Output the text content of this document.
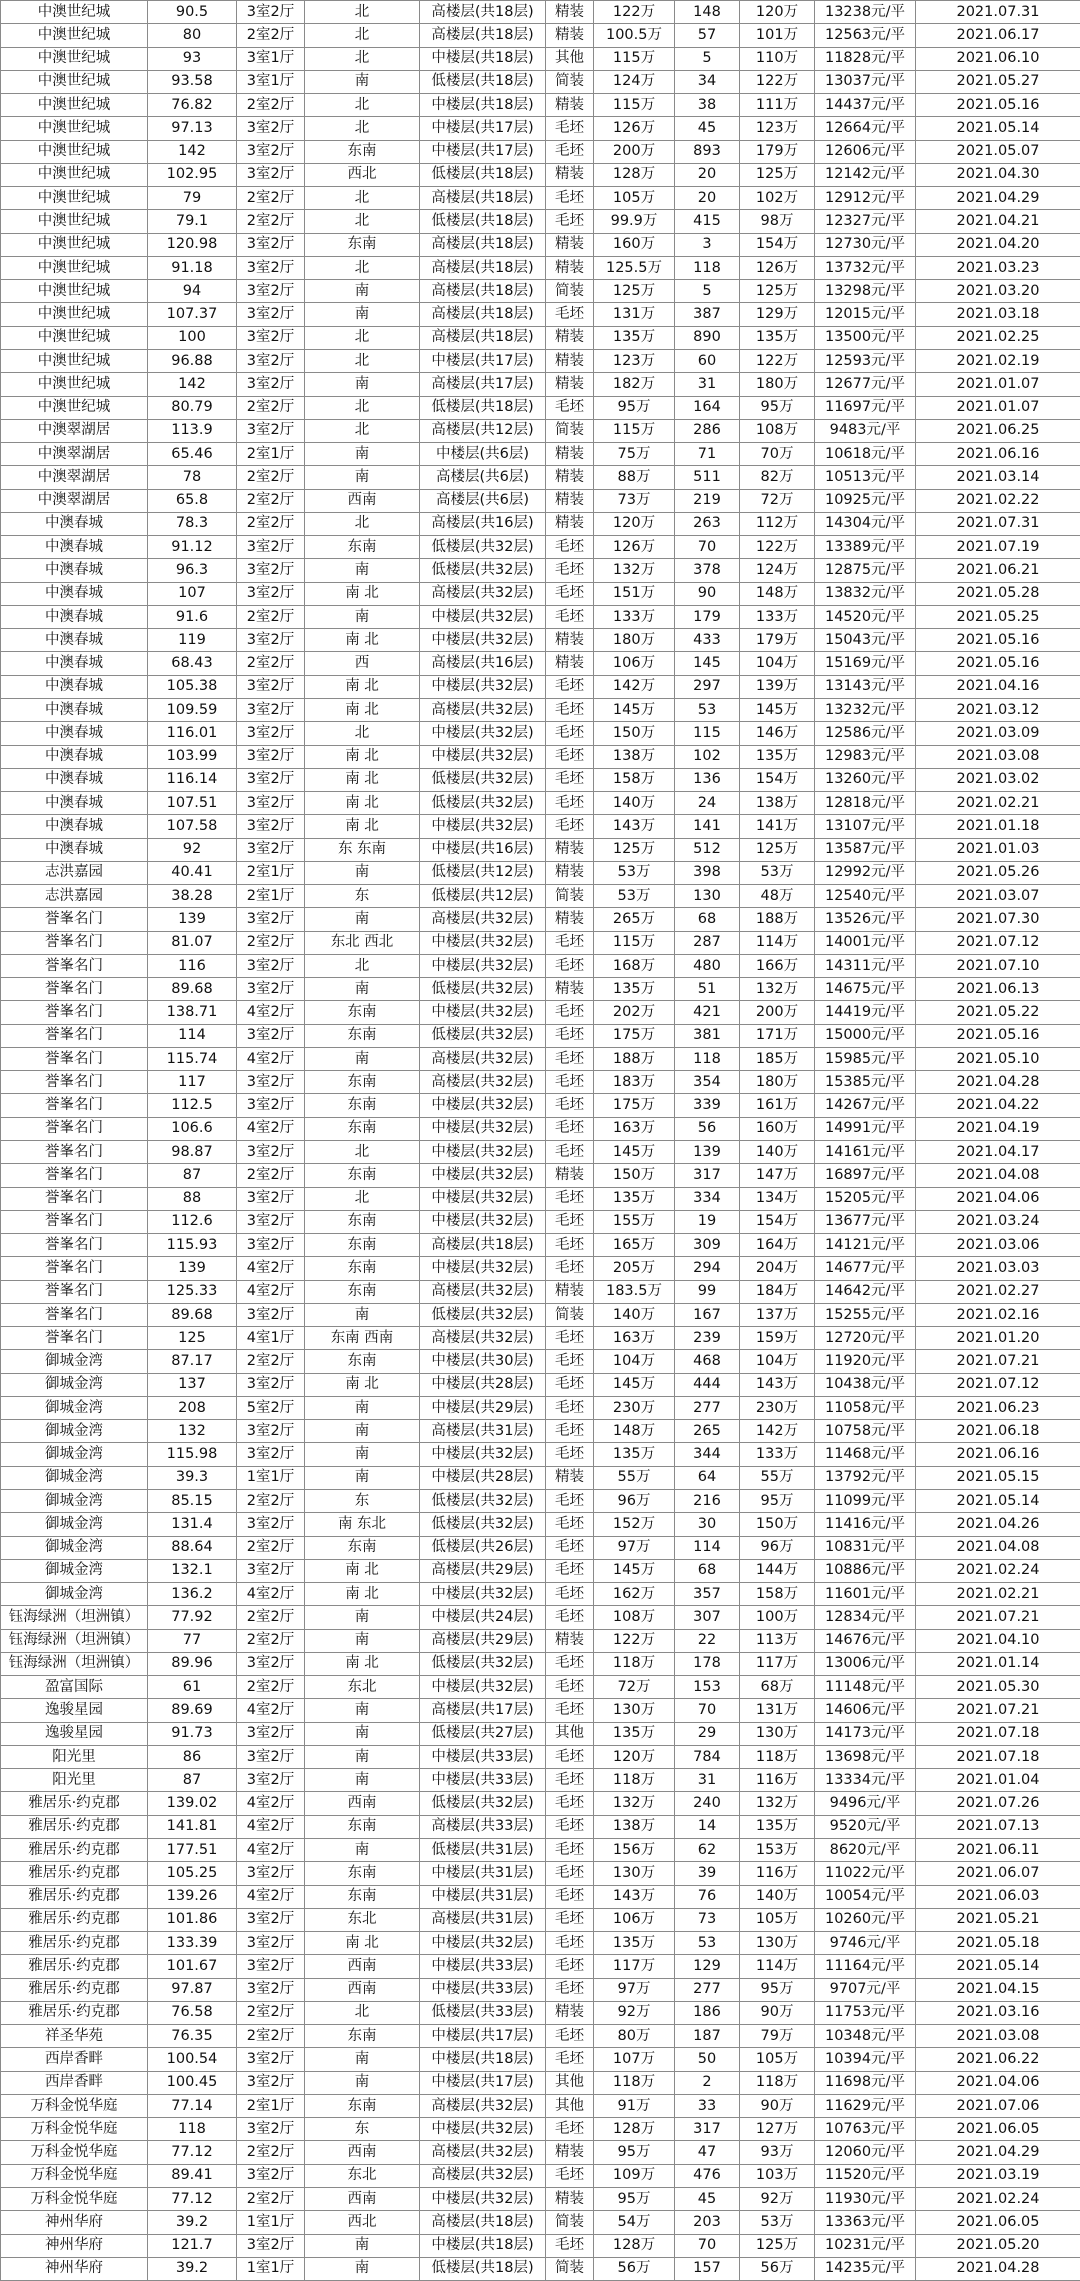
中澳世纪城	90.5	3室2厅	北	高楼层(共18层)	精装	122万	148	120万	13238元/平	2021.07.31
中澳世纪城	80	2室2厅	北	高楼层(共18层)	精装	100.5万	57	101万	12563元/平	2021.06.17
中澳世纪城	93	3室1厅	北	中楼层(共18层)	其他	115万	5	110万	11828元/平	2021.06.10
中澳世纪城	93.58	3室1厅	南	低楼层(共18层)	简装	124万	34	122万	13037元/平	2021.05.27
中澳世纪城	76.82	2室2厅	北	中楼层(共18层)	精装	115万	38	111万	14437元/平	2021.05.16
中澳世纪城	97.13	3室2厅	北	中楼层(共17层)	毛坯	126万	45	123万	12664元/平	2021.05.14
中澳世纪城	142	3室2厅	东南	中楼层(共17层)	毛坯	200万	893	179万	12606元/平	2021.05.07
中澳世纪城	102.95	3室2厅	西北	低楼层(共18层)	精装	128万	20	125万	12142元/平	2021.04.30
中澳世纪城	79	2室2厅	北	高楼层(共18层)	毛坯	105万	20	102万	12912元/平	2021.04.29
中澳世纪城	79.1	2室2厅	北	低楼层(共18层)	毛坯	99.9万	415	98万	12327元/平	2021.04.21
中澳世纪城	120.98	3室2厅	东南	高楼层(共18层)	精装	160万	3	154万	12730元/平	2021.04.20
中澳世纪城	91.18	3室2厅	北	高楼层(共18层)	精装	125.5万	118	126万	13732元/平	2021.03.23
中澳世纪城	94	3室2厅	南	高楼层(共18层)	简装	125万	5	125万	13298元/平	2021.03.20
中澳世纪城	107.37	3室2厅	南	高楼层(共18层)	毛坯	131万	387	129万	12015元/平	2021.03.18
中澳世纪城	100	3室2厅	北	高楼层(共18层)	精装	135万	890	135万	13500元/平	2021.02.25
中澳世纪城	96.88	3室2厅	北	中楼层(共17层)	精装	123万	60	122万	12593元/平	2021.02.19
中澳世纪城	142	3室2厅	南	高楼层(共17层)	精装	182万	31	180万	12677元/平	2021.01.07
中澳世纪城	80.79	2室2厅	北	低楼层(共18层)	毛坯	95万	164	95万	11697元/平	2021.01.07
中澳翠湖居	113.9	3室2厅	北	高楼层(共12层)	简装	115万	286	108万	9483元/平	2021.06.25
中澳翠湖居	65.46	2室1厅	南	中楼层(共6层)	精装	75万	71	70万	10618元/平	2021.06.16
中澳翠湖居	78	2室2厅	南	高楼层(共6层)	精装	88万	511	82万	10513元/平	2021.03.14
中澳翠湖居	65.8	2室2厅	西南	高楼层(共6层)	精装	73万	219	72万	10925元/平	2021.02.22
中澳春城	78.3	2室2厅	北	高楼层(共16层)	精装	120万	263	112万	14304元/平	2021.07.31
中澳春城	91.12	3室2厅	东南	低楼层(共32层)	毛坯	126万	70	122万	13389元/平	2021.07.19
中澳春城	96.3	3室2厅	南	低楼层(共32层)	毛坯	132万	378	124万	12875元/平	2021.06.21
中澳春城	107	3室2厅	南 北	高楼层(共32层)	毛坯	151万	90	148万	13832元/平	2021.05.28
中澳春城	91.6	2室2厅	南	中楼层(共32层)	毛坯	133万	179	133万	14520元/平	2021.05.25
中澳春城	119	3室2厅	南 北	中楼层(共32层)	精装	180万	433	179万	15043元/平	2021.05.16
中澳春城	68.43	2室2厅	西	高楼层(共16层)	精装	106万	145	104万	15169元/平	2021.05.16
中澳春城	105.38	3室2厅	南 北	中楼层(共32层)	毛坯	142万	297	139万	13143元/平	2021.04.16
中澳春城	109.59	3室2厅	南 北	高楼层(共32层)	毛坯	145万	53	145万	13232元/平	2021.03.12
中澳春城	116.01	3室2厅	北	中楼层(共32层)	毛坯	150万	115	146万	12586元/平	2021.03.09
中澳春城	103.99	3室2厅	南 北	中楼层(共32层)	毛坯	138万	102	135万	12983元/平	2021.03.08
中澳春城	116.14	3室2厅	南 北	低楼层(共32层)	毛坯	158万	136	154万	13260元/平	2021.03.02
中澳春城	107.51	3室2厅	南 北	低楼层(共32层)	毛坯	140万	24	138万	12818元/平	2021.02.21
中澳春城	107.58	3室2厅	南 北	中楼层(共32层)	毛坯	143万	141	141万	13107元/平	2021.01.18
中澳春城	92	3室2厅	东 东南	中楼层(共16层)	精装	125万	512	125万	13587元/平	2021.01.03
志洪嘉园	40.41	2室1厅	南	低楼层(共12层)	精装	53万	398	53万	12992元/平	2021.05.26
志洪嘉园	38.28	2室1厅	东	低楼层(共12层)	简装	53万	130	48万	12540元/平	2021.03.07
誉峯名门	139	3室2厅	南	高楼层(共32层)	精装	265万	68	188万	13526元/平	2021.07.30
誉峯名门	81.07	2室2厅	东北 西北	中楼层(共32层)	毛坯	115万	287	114万	14001元/平	2021.07.12
誉峯名门	116	3室2厅	北	中楼层(共32层)	毛坯	168万	480	166万	14311元/平	2021.07.10
誉峯名门	89.68	3室2厅	南	低楼层(共32层)	精装	135万	51	132万	14675元/平	2021.06.13
誉峯名门	138.71	4室2厅	东南	中楼层(共32层)	毛坯	202万	421	200万	14419元/平	2021.05.22
誉峯名门	114	3室2厅	东南	低楼层(共32层)	毛坯	175万	381	171万	15000元/平	2021.05.16
誉峯名门	115.74	4室2厅	南	高楼层(共32层)	毛坯	188万	118	185万	15985元/平	2021.05.10
誉峯名门	117	3室2厅	东南	高楼层(共32层)	毛坯	183万	354	180万	15385元/平	2021.04.28
誉峯名门	112.5	3室2厅	东南	中楼层(共32层)	毛坯	175万	339	161万	14267元/平	2021.04.22
誉峯名门	106.6	4室2厅	东南	中楼层(共32层)	毛坯	163万	56	160万	14991元/平	2021.04.19
誉峯名门	98.87	3室2厅	北	中楼层(共32层)	毛坯	145万	139	140万	14161元/平	2021.04.17
誉峯名门	87	2室2厅	东南	中楼层(共32层)	精装	150万	317	147万	16897元/平	2021.04.08
誉峯名门	88	3室2厅	北	中楼层(共32层)	毛坯	135万	334	134万	15205元/平	2021.04.06
誉峯名门	112.6	3室2厅	东南	中楼层(共32层)	毛坯	155万	19	154万	13677元/平	2021.03.24
誉峯名门	115.93	3室2厅	东南	高楼层(共18层)	毛坯	165万	309	164万	14121元/平	2021.03.06
誉峯名门	139	4室2厅	东南	中楼层(共32层)	毛坯	205万	294	204万	14677元/平	2021.03.03
誉峯名门	125.33	4室2厅	东南	高楼层(共32层)	精装	183.5万	99	184万	14642元/平	2021.02.27
誉峯名门	89.68	3室2厅	南	低楼层(共32层)	简装	140万	167	137万	15255元/平	2021.02.16
誉峯名门	125	4室1厅	东南 西南	高楼层(共32层)	毛坯	163万	239	159万	12720元/平	2021.01.20
御城金湾	87.17	2室2厅	东南	中楼层(共30层)	毛坯	104万	468	104万	11920元/平	2021.07.21
御城金湾	137	3室2厅	南 北	中楼层(共28层)	毛坯	145万	444	143万	10438元/平	2021.07.12
御城金湾	208	5室2厅	南	中楼层(共29层)	毛坯	230万	277	230万	11058元/平	2021.06.23
御城金湾	132	3室2厅	南	高楼层(共31层)	毛坯	148万	265	142万	10758元/平	2021.06.18
御城金湾	115.98	3室2厅	南	中楼层(共32层)	毛坯	135万	344	133万	11468元/平	2021.06.16
御城金湾	39.3	1室1厅	南	中楼层(共28层)	精装	55万	64	55万	13792元/平	2021.05.15
御城金湾	85.15	2室2厅	东	低楼层(共32层)	毛坯	96万	216	95万	11099元/平	2021.05.14
御城金湾	131.4	3室2厅	南 东北	低楼层(共32层)	毛坯	152万	30	150万	11416元/平	2021.04.26
御城金湾	88.64	2室2厅	东南	低楼层(共26层)	毛坯	97万	114	96万	10831元/平	2021.04.08
御城金湾	132.1	3室2厅	南 北	高楼层(共29层)	毛坯	145万	68	144万	10886元/平	2021.02.24
御城金湾	136.2	4室2厅	南 北	中楼层(共32层)	毛坯	162万	357	158万	11601元/平	2021.02.21
钰海绿洲（坦洲镇）	77.92	2室2厅	南	中楼层(共24层)	毛坯	108万	307	100万	12834元/平	2021.07.21
钰海绿洲（坦洲镇）	77	2室2厅	南	高楼层(共29层)	精装	122万	22	113万	14676元/平	2021.04.10
钰海绿洲（坦洲镇）	89.96	3室2厅	南 北	低楼层(共32层)	毛坯	118万	178	117万	13006元/平	2021.01.14
盈富国际	61	2室2厅	东北	中楼层(共32层)	毛坯	72万	153	68万	11148元/平	2021.05.30
逸骏星园	89.69	4室2厅	南	高楼层(共17层)	毛坯	130万	70	131万	14606元/平	2021.07.21
逸骏星园	91.73	3室2厅	南	低楼层(共27层)	其他	135万	29	130万	14173元/平	2021.07.18
阳光里	86	3室2厅	南	中楼层(共33层)	毛坯	120万	784	118万	13698元/平	2021.07.18
阳光里	87	3室2厅	南	中楼层(共33层)	毛坯	118万	31	116万	13334元/平	2021.01.04
雅居乐·约克郡	139.02	4室2厅	西南	低楼层(共32层)	毛坯	132万	240	132万	9496元/平	2021.07.26
雅居乐·约克郡	141.81	4室2厅	东南	高楼层(共33层)	毛坯	138万	14	135万	9520元/平	2021.07.13
雅居乐·约克郡	177.51	4室2厅	南	低楼层(共31层)	毛坯	156万	62	153万	8620元/平	2021.06.11
雅居乐·约克郡	105.25	3室2厅	东南	中楼层(共31层)	毛坯	130万	39	116万	11022元/平	2021.06.07
雅居乐·约克郡	139.26	4室2厅	东南	中楼层(共31层)	毛坯	143万	76	140万	10054元/平	2021.06.03
雅居乐·约克郡	101.86	3室2厅	东北	高楼层(共31层)	毛坯	106万	73	105万	10260元/平	2021.05.21
雅居乐·约克郡	133.39	3室2厅	南 北	中楼层(共32层)	毛坯	135万	53	130万	9746元/平	2021.05.18
雅居乐·约克郡	101.67	3室2厅	西南	中楼层(共33层)	毛坯	117万	129	114万	11164元/平	2021.05.14
雅居乐·约克郡	97.87	3室2厅	西南	中楼层(共33层)	毛坯	97万	277	95万	9707元/平	2021.04.15
雅居乐·约克郡	76.58	2室2厅	北	低楼层(共33层)	精装	92万	186	90万	11753元/平	2021.03.16
祥圣华苑	76.35	2室2厅	东南	中楼层(共17层)	毛坯	80万	187	79万	10348元/平	2021.03.08
西岸香畔	100.54	3室2厅	南	中楼层(共18层)	毛坯	107万	50	105万	10394元/平	2021.06.22
西岸香畔	100.45	3室2厅	南	中楼层(共17层)	其他	118万	2	118万	11698元/平	2021.04.06
万科金悦华庭	77.14	2室1厅	东南	高楼层(共32层)	其他	91万	33	90万	11629元/平	2021.07.06
万科金悦华庭	118	3室2厅	东	中楼层(共32层)	毛坯	128万	317	127万	10763元/平	2021.06.05
万科金悦华庭	77.12	2室2厅	西南	高楼层(共32层)	精装	95万	47	93万	12060元/平	2021.04.29
万科金悦华庭	89.41	3室2厅	东北	高楼层(共32层)	毛坯	109万	476	103万	11520元/平	2021.03.19
万科金悦华庭	77.12	2室2厅	西南	中楼层(共32层)	精装	95万	45	92万	11930元/平	2021.02.24
神州华府	39.2	1室1厅	西北	高楼层(共18层)	简装	54万	203	53万	13363元/平	2021.06.05
神州华府	121.7	3室2厅	南	中楼层(共18层)	毛坯	128万	70	125万	10231元/平	2021.05.20
神州华府	39.2	1室1厅	南	低楼层(共18层)	简装	56万	157	56万	14235元/平	2021.04.28
